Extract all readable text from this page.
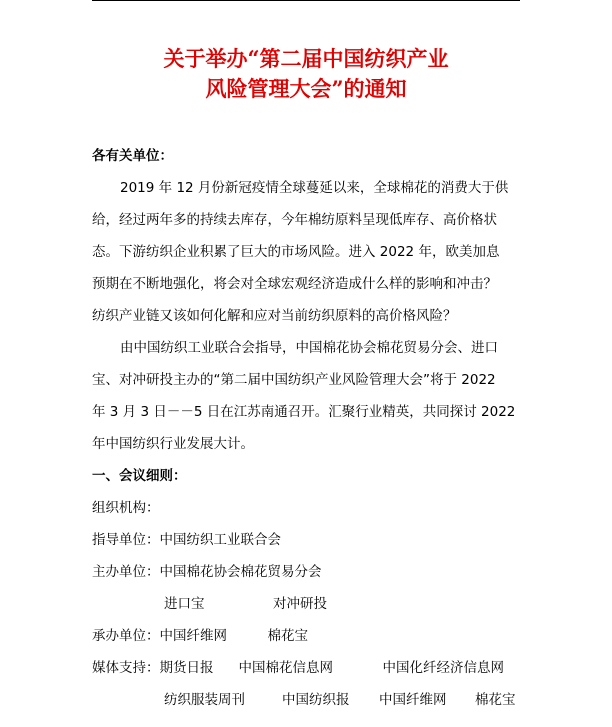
关于举办“第二届中国纺织产业
风险管理大会”的通知
各有关单位：
2019 年 12 月份新冠疫情全球蔓延以来，全球棉花的消费大于供
给，经过两年多的持续去库存，今年棉纺原料呈现低库存、高价格状
态。下游纺织企业积累了巨大的市场风险。进入 2022 年，欧美加息
预期在不断地强化，将会对全球宏观经济造成什么样的影响和冲击？
纺织产业链又该如何化解和应对当前纺织原料的高价格风险？
由中国纺织工业联合会指导，中国棉花协会棉花贸易分会、进口
宝、对冲研投主办的“第二届中国纺织产业风险管理大会”将于 2022
年 3 月 3 日－－5 日在江苏南通召开。汇聚行业精英，共同探讨 2022
年中国纺织行业发展大计。
一、会议细则：
组织机构：
指导单位：中国纺织工业联合会
主办单位：中国棉花协会棉花贸易分会
进口宝	对冲研投
承办单位：中国纤维网	棉花宝
媒体支持：期货日报 中国棉花信息网	中国化纤经济信息网
纺织服装周刊	中国纺织报 中国纤维网 棉花宝
